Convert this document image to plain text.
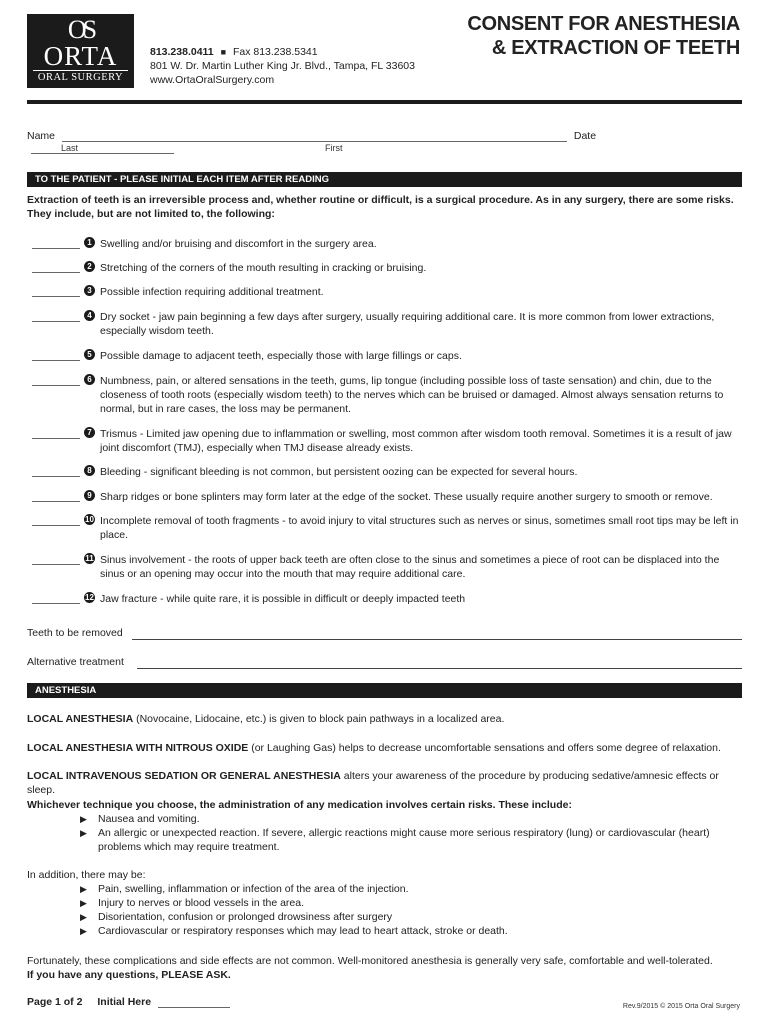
OS
ORTA
ORAL SURGERY
813.238.0411 ■ Fax 813.238.5341
801 W. Dr. Martin Luther King Jr. Blvd., Tampa, FL 33603
www.OrtaOralSurgery.com
CONSENT FOR ANESTHESIA
& EXTRACTION OF TEETH
Name	Date
Last	First
TO THE PATIENT - PLEASE INITIAL EACH ITEM AFTER READING
Extraction of teeth is an irreversible process and, whether routine or difficult, is a surgical procedure. As in any surgery, there are some risks. They include, but are not limited to, the following:
1 Swelling and/or bruising and discomfort in the surgery area.
2 Stretching of the corners of the mouth resulting in cracking or bruising.
3 Possible infection requiring additional treatment.
4 Dry socket - jaw pain beginning a few days after surgery, usually requiring additional care. It is more common from lower extractions, especially wisdom teeth.
5 Possible damage to adjacent teeth, especially those with large fillings or caps.
6 Numbness, pain, or altered sensations in the teeth, gums, lip tongue (including possible loss of taste sensation) and chin, due to the closeness of tooth roots (especially wisdom teeth) to the nerves which can be bruised or damaged. Almost always sensation returns to normal, but in rare cases, the loss may be permanent.
7 Trismus - Limited jaw opening due to inflammation or swelling, most common after wisdom tooth removal. Sometimes it is a result of jaw joint discomfort (TMJ), especially when TMJ disease already exists.
8 Bleeding - significant bleeding is not common, but persistent oozing can be expected for several hours.
9 Sharp ridges or bone splinters may form later at the edge of the socket. These usually require another surgery to smooth or remove.
10 Incomplete removal of tooth fragments - to avoid injury to vital structures such as nerves or sinus, sometimes small root tips may be left in place.
11 Sinus involvement - the roots of upper back teeth are often close to the sinus and sometimes a piece of root can be displaced into the sinus or an opening may occur into the mouth that may require additional care.
12 Jaw fracture - while quite rare, it is possible in difficult or deeply impacted teeth
Teeth to be removed
Alternative treatment
ANESTHESIA
LOCAL ANESTHESIA (Novocaine, Lidocaine, etc.) is given to block pain pathways in a localized area.
LOCAL ANESTHESIA WITH NITROUS OXIDE (or Laughing Gas) helps to decrease uncomfortable sensations and offers some degree of relaxation.
LOCAL INTRAVENOUS SEDATION OR GENERAL ANESTHESIA alters your awareness of the procedure by producing sedative/amnesic effects or sleep.
Whichever technique you choose, the administration of any medication involves certain risks. These include:
▶ Nausea and vomiting.
▶ An allergic or unexpected reaction. If severe, allergic reactions might cause more serious respiratory (lung) or cardiovascular (heart) problems which may require treatment.
In addition, there may be:
▶ Pain, swelling, inflammation or infection of the area of the injection.
▶ Injury to nerves or blood vessels in the area.
▶ Disorientation, confusion or prolonged drowsiness after surgery
▶ Cardiovascular or respiratory responses which may lead to heart attack, stroke or death.
Fortunately, these complications and side effects are not common. Well-monitored anesthesia is generally very safe, comfortable and well-tolerated.
If you have any questions, PLEASE ASK.
Page 1 of 2 Initial Here	Rev.9/2015 © 2015 Orta Oral Surgery
